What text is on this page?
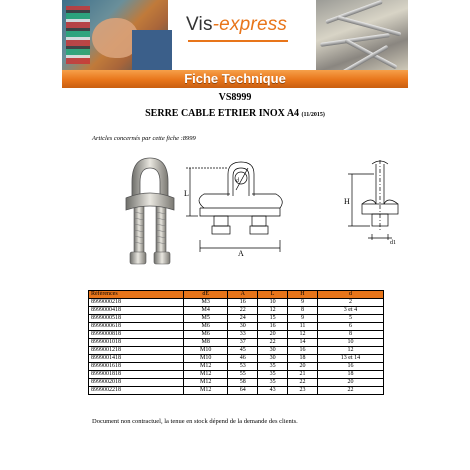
Vis-express
Fiche Technique
VS8999
SERRE CABLE ETRIER INOX A4 (11/2015)
Articles concernés par cette fiche :8999
L
d
A
H
d1
Références	dE	A	L	H	d
8999000218	M3	16	10	9	2
8999000418	M4	22	12	8	3 et 4
8999000518	M5	24	15	9	5
8999000618	M6	30	16	11	6
8999000818	M6	33	20	12	8
8999001018	M8	37	22	14	10
8999001218	M10	45	30	16	12
8999001418	M10	46	30	18	13 et 14
8999001618	M12	53	35	20	16
8999001818	M12	55	35	21	18
8999002018	M12	58	35	22	20
8999002218	M12	64	43	23	22
Document non contractuel, la tenue en stock dépend de la demande des clients.
